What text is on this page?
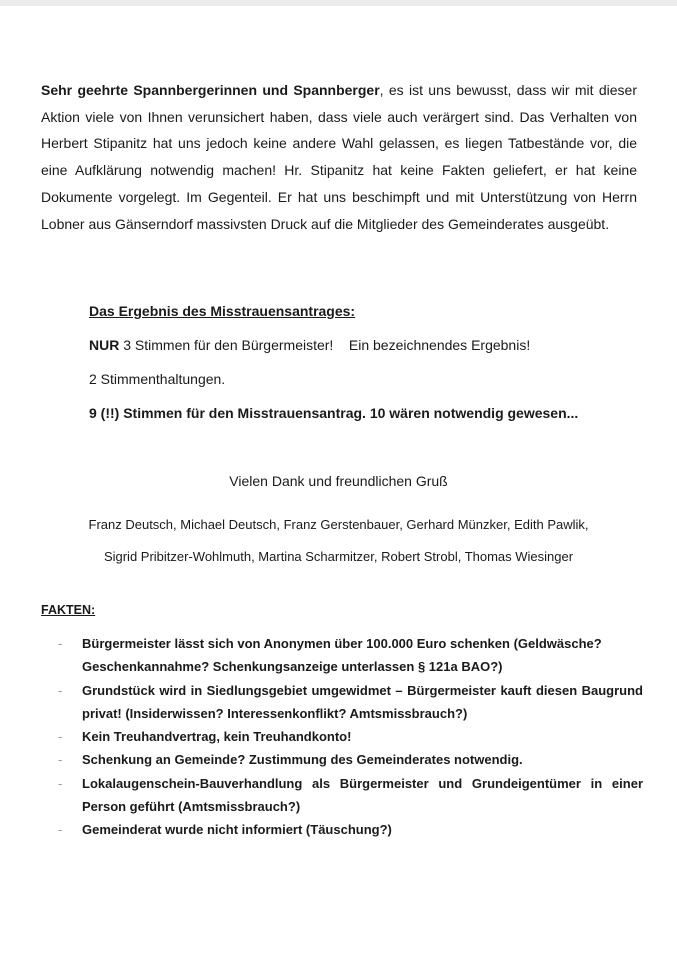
Sehr geehrte Spannbergerinnen und Spannberger, es ist uns bewusst, dass wir mit dieser Aktion viele von Ihnen verunsichert haben, dass viele auch verärgert sind. Das Verhalten von Herbert Stipanitz hat uns jedoch keine andere Wahl gelassen, es liegen Tatbestände vor, die eine Aufklärung notwendig machen! Hr. Stipanitz hat keine Fakten geliefert, er hat keine Dokumente vorgelegt. Im Gegenteil. Er hat uns beschimpft und mit Unterstützung von Herrn Lobner aus Gänserndorf massivsten Druck auf die Mitglieder des Gemeinderates ausgeübt.

Das Ergebnis des Misstrauensantrages:
NUR 3 Stimmen für den Bürgermeister!    Ein bezeichnendes Ergebnis!
2 Stimmenthaltungen.
9 (!!) Stimmen für den Misstrauensantrag. 10 wären notwendig gewesen...
Vielen Dank und freundlichen Gruß
Franz Deutsch, Michael Deutsch, Franz Gerstenbauer, Gerhard Münzker, Edith Pawlik,
Sigrid Pribitzer-Wohlmuth, Martina Scharmitzer, Robert Strobl, Thomas Wiesinger
FAKTEN:
- Bürgermeister lässt sich von Anonymen über 100.000 Euro schenken (Geldwäsche? Geschenkannahme? Schenkungsanzeige unterlassen § 121a BAO?)
- Grundstück wird in Siedlungsgebiet umgewidmet – Bürgermeister kauft diesen Baugrund privat! (Insiderwissen? Interessenkonflikt? Amtsmissbrauch?)
- Kein Treuhandvertrag, kein Treuhandkonto!
- Schenkung an Gemeinde? Zustimmung des Gemeinderates notwendig.
- Lokalaugenschein-Bauverhandlung als Bürgermeister und Grundeigentümer in einer Person geführt (Amtsmissbrauch?)
- Gemeinderat wurde nicht informiert (Täuschung?)
